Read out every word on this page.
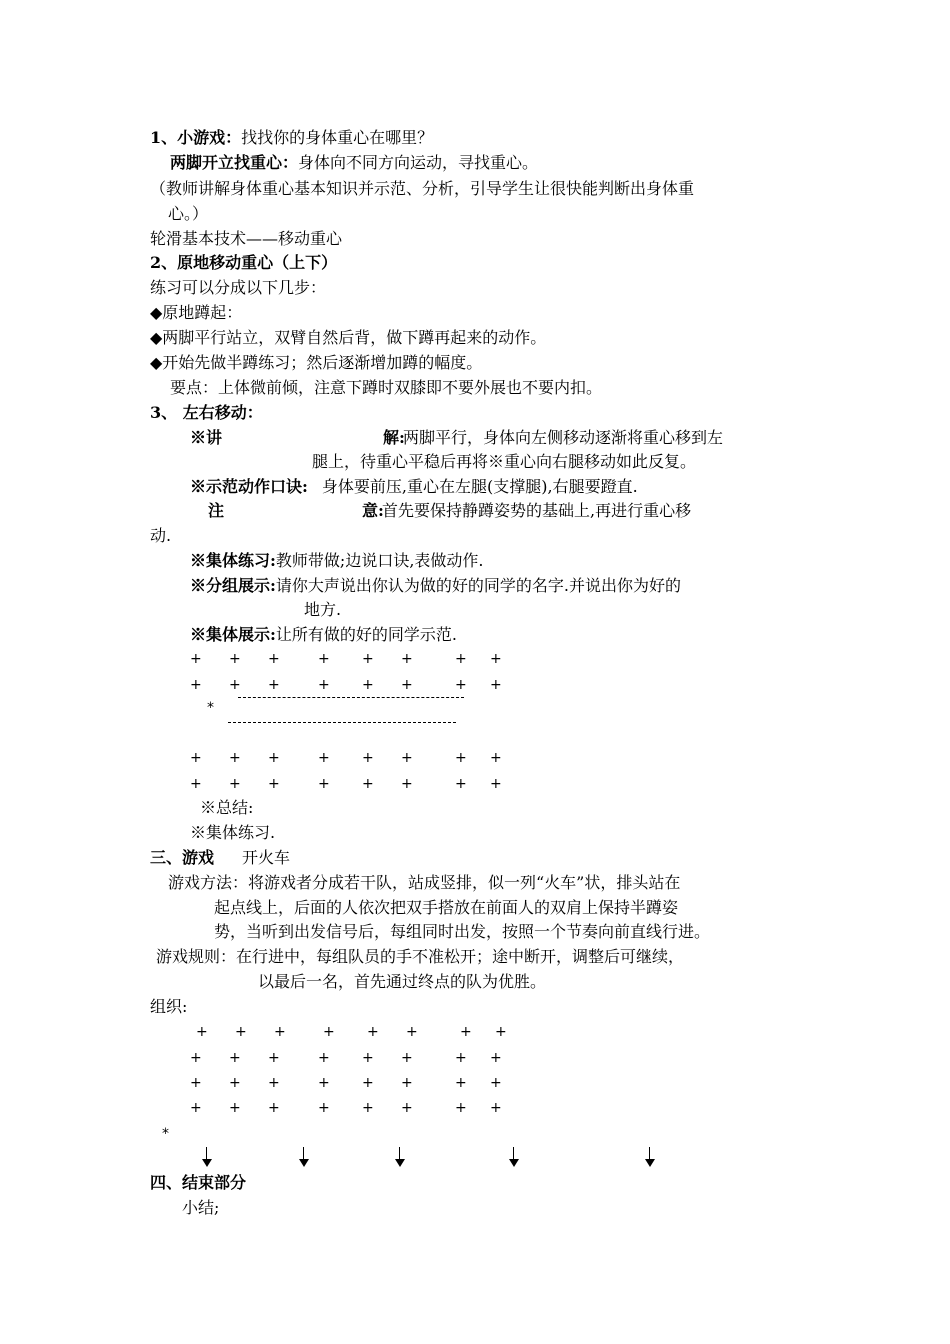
1、小游戏：找找你的身体重心在哪里？
两脚开立找重心：身体向不同方向运动，寻找重心。
（教师讲解身体重心基本知识并示范、分析，引导学生让很快能判断出身体重
心。）
轮滑基本技术——移动重心
2、原地移动重心（上下）
练习可以分成以下几步：
◆原地蹲起：
◆两脚平行站立，双臂自然后背，做下蹲再起来的动作。
◆开始先做半蹲练习；然后逐渐增加蹲的幅度。
要点：上体微前倾，注意下蹲时双膝即不要外展也不要内扣。
3、 左右移动：
※讲	解:
两脚平行，身体向左侧移动逐渐将重心移到左
腿上，待重心平稳后再将※重心向右腿移动如此反复。
※示范动作口诀: 身体要前压,重心在左腿(支撑腿),右腿要蹬直.
注	意:
首先要保持静蹲姿势的基础上,再进行重心移
动.
※集体练习:教师带做;边说口诀,表做动作.
※分组展示:请你大声说出你认为做的好的同学的名字.并说出你为好的
地方.
※集体展示:让所有做的好的同学示范.
+ + +	+ + +	+ +
+ + +	+ + +	+ +
+ + +	+ + +	+ +
+ + +	+ + +	+ +
*
※总结:
※集体练习.
三、游戏 开火车
游戏方法：将游戏者分成若干队，站成竖排，似一列“火车”状，排头站在
起点线上，后面的人依次把双手搭放在前面人的双肩上保持半蹲姿
势，当听到出发信号后，每组同时出发，按照一个节奏向前直线行进。
游戏规则：在行进中，每组队员的手不准松开；途中断开，调整后可继续，
以最后一名，首先通过终点的队为优胜。
组织:
+ + +	+ + +	+ +
+ + +	+ + +	+ +
+ + +	+ + +	+ +
+ + +	+ + +	+ +
*
四、结束部分
小结;
